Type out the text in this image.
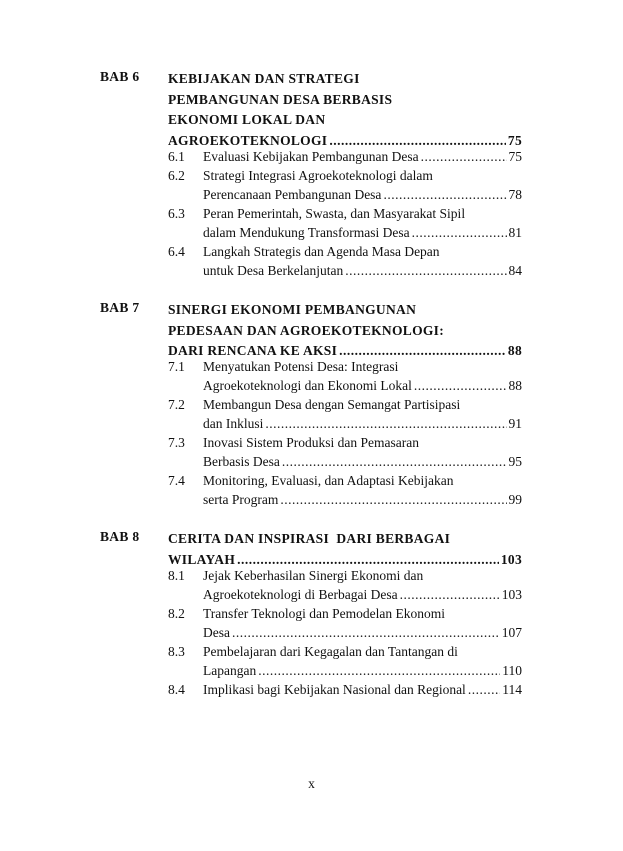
BAB 6 KEBIJAKAN DAN STRATEGI
PEMBANGUNAN DESA BERBASIS
EKONOMI LOKAL DAN
AGROEKOTEKNOLOGI .....	75
6.1 Evaluasi Kebijakan Pembangunan Desa .....	75
6.2 Strategi Integrasi Agroekoteknologi dalam
Perencanaan Pembangunan Desa .....	78
6.3 Peran Pemerintah, Swasta, dan Masyarakat Sipil
dalam Mendukung Transformasi Desa .....	81
6.4 Langkah Strategis dan Agenda Masa Depan
untuk Desa Berkelanjutan .....	84
BAB 7 SINERGI EKONOMI PEMBANGUNAN
PEDESAAN DAN AGROEKOTEKNOLOGI:
DARI RENCANA KE AKSI .....	88
7.1 Menyatukan Potensi Desa: Integrasi
Agroekoteknologi dan Ekonomi Lokal .....	88
7.2 Membangun Desa dengan Semangat Partisipasi
dan Inklusi .....	91
7.3 Inovasi Sistem Produksi dan Pemasaran
Berbasis Desa .....	95
7.4 Monitoring, Evaluasi, dan Adaptasi Kebijakan
serta Program .....	99
BAB 8 CERITA DAN INSPIRASI  DARI BERBAGAI
WILAYAH .....	103
8.1 Jejak Keberhasilan Sinergi Ekonomi dan
Agroekoteknologi di Berbagai Desa .....	103
8.2 Transfer Teknologi dan Pemodelan Ekonomi
Desa .....	107
8.3 Pembelajaran dari Kegagalan dan Tantangan di
Lapangan .....	110
8.4 Implikasi bagi Kebijakan Nasional dan Regional .....	114
x
